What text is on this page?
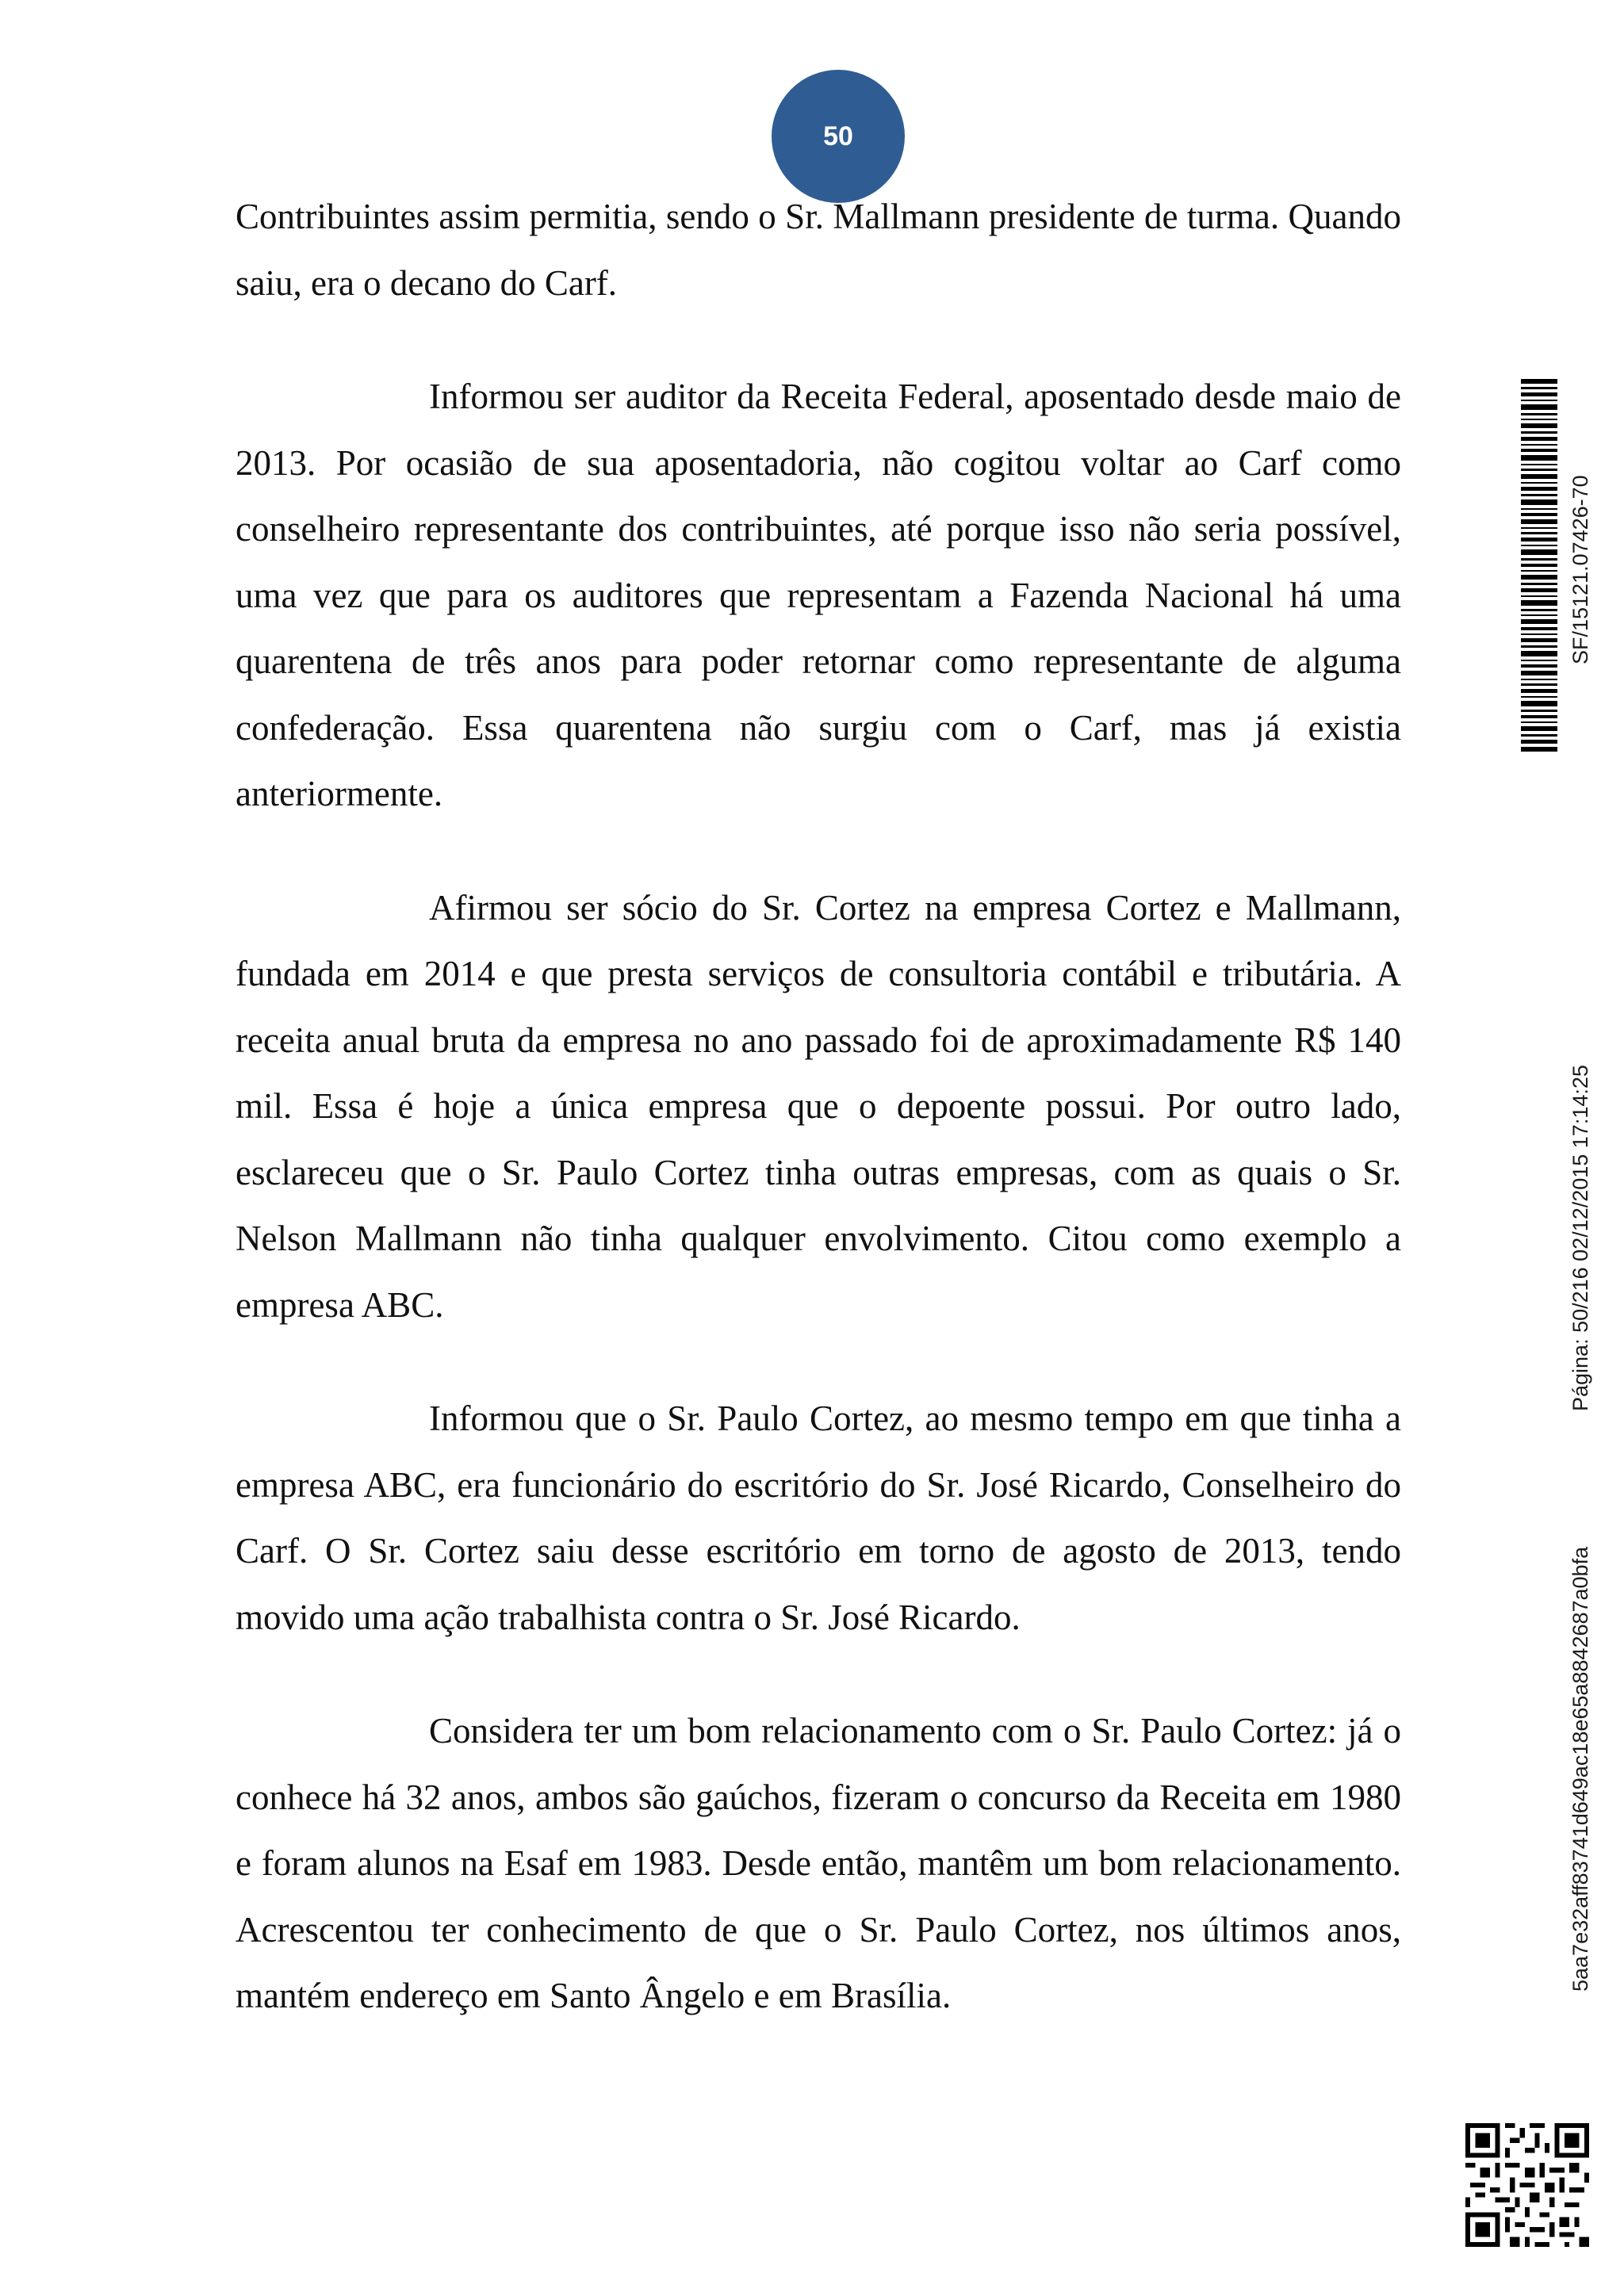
50

Contribuintes assim permitia, sendo o Sr. Mallmann presidente de turma. Quando saiu, era o decano do Carf.

Informou ser auditor da Receita Federal, aposentado desde maio de 2013. Por ocasião de sua aposentadoria, não cogitou voltar ao Carf como conselheiro representante dos contribuintes, até porque isso não seria possível, uma vez que para os auditores que representam a Fazenda Nacional há uma quarentena de três anos para poder retornar como representante de alguma confederação. Essa quarentena não surgiu com o Carf, mas já existia anteriormente.

Afirmou ser sócio do Sr. Cortez na empresa Cortez e Mallmann, fundada em 2014 e que presta serviços de consultoria contábil e tributária. A receita anual bruta da empresa no ano passado foi de aproximadamente R$ 140 mil. Essa é hoje a única empresa que o depoente possui. Por outro lado, esclareceu que o Sr. Paulo Cortez tinha outras empresas, com as quais o Sr. Nelson Mallmann não tinha qualquer envolvimento. Citou como exemplo a empresa ABC.

Informou que o Sr. Paulo Cortez, ao mesmo tempo em que tinha a empresa ABC, era funcionário do escritório do Sr. José Ricardo, Conselheiro do Carf. O Sr. Cortez saiu desse escritório em torno de agosto de 2013, tendo movido uma ação trabalhista contra o Sr. José Ricardo.

Considera ter um bom relacionamento com o Sr. Paulo Cortez: já o conhece há 32 anos, ambos são gaúchos, fizeram o concurso da Receita em 1980 e foram alunos na Esaf em 1983. Desde então, mantêm um bom relacionamento. Acrescentou ter conhecimento de que o Sr. Paulo Cortez, nos últimos anos, mantém endereço em Santo Ângelo e em Brasília.

SF/15121.07426-70
Página: 50/216 02/12/2015 17:14:25
5aa7e32aff83741d649ac18e65a8842687a0bfa
